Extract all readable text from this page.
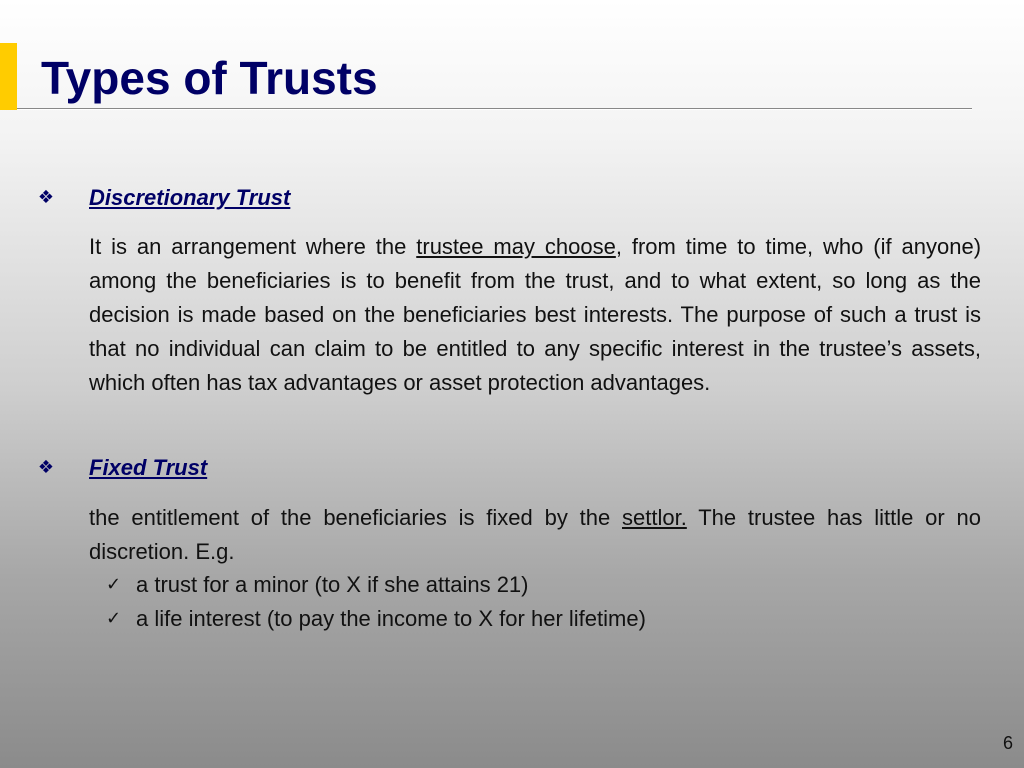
Types of Trusts
❖ Discretionary Trust

It is an arrangement where the trustee may choose, from time to time, who (if anyone) among the beneficiaries is to benefit from the trust, and to what extent, so long as the decision is made based on the beneficiaries best interests. The purpose of such a trust is that no individual can claim to be entitled to any specific interest in the trustee’s assets, which often has tax advantages or asset protection advantages.

❖ Fixed Trust

the entitlement of the beneficiaries is fixed by the settlor. The trustee has little or no discretion. E.g.

✓ a trust for a minor (to X if she attains 21)
✓ a life interest (to pay the income to X for her lifetime)
6
